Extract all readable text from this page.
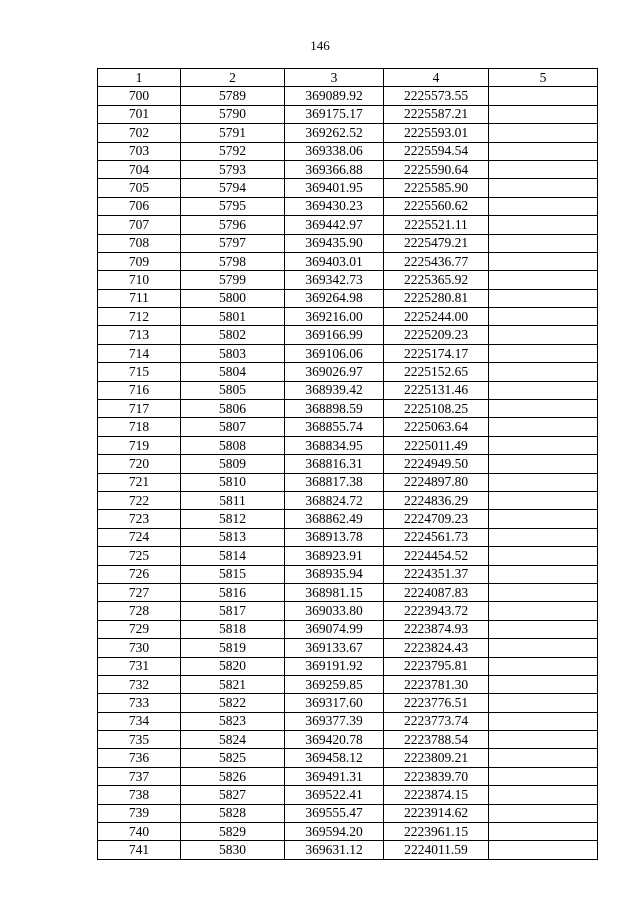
146
1	2	3	4	5
700	5789	369089.92	2225573.55	
701	5790	369175.17	2225587.21	
702	5791	369262.52	2225593.01	
703	5792	369338.06	2225594.54	
704	5793	369366.88	2225590.64	
705	5794	369401.95	2225585.90	
706	5795	369430.23	2225560.62	
707	5796	369442.97	2225521.11	
708	5797	369435.90	2225479.21	
709	5798	369403.01	2225436.77	
710	5799	369342.73	2225365.92	
711	5800	369264.98	2225280.81	
712	5801	369216.00	2225244.00	
713	5802	369166.99	2225209.23	
714	5803	369106.06	2225174.17	
715	5804	369026.97	2225152.65	
716	5805	368939.42	2225131.46	
717	5806	368898.59	2225108.25	
718	5807	368855.74	2225063.64	
719	5808	368834.95	2225011.49	
720	5809	368816.31	2224949.50	
721	5810	368817.38	2224897.80	
722	5811	368824.72	2224836.29	
723	5812	368862.49	2224709.23	
724	5813	368913.78	2224561.73	
725	5814	368923.91	2224454.52	
726	5815	368935.94	2224351.37	
727	5816	368981.15	2224087.83	
728	5817	369033.80	2223943.72	
729	5818	369074.99	2223874.93	
730	5819	369133.67	2223824.43	
731	5820	369191.92	2223795.81	
732	5821	369259.85	2223781.30	
733	5822	369317.60	2223776.51	
734	5823	369377.39	2223773.74	
735	5824	369420.78	2223788.54	
736	5825	369458.12	2223809.21	
737	5826	369491.31	2223839.70	
738	5827	369522.41	2223874.15	
739	5828	369555.47	2223914.62	
740	5829	369594.20	2223961.15	
741	5830	369631.12	2224011.59	
